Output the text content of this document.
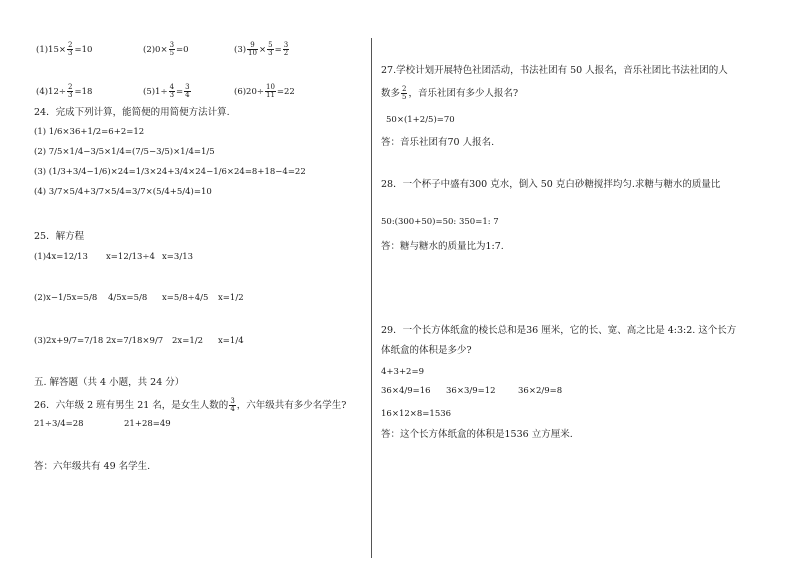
$(1)15\times \frac{2}{3} =10$	$(2)0\times \frac{3}{5} =0$	$(3) \frac{9}{10} \times \frac{5}{3} = \frac{3}{2}$
$(4)12\div \frac{2}{3} =18$	$(5)1\div \frac{4}{3} = \frac{3}{4}$	$(6)20\div \frac{10}{11} =22$
24．完成下列计算，能简便的用简便方法计算.
(1) 1/6×36+1/2=6+2=12
(2) 7/5×1/4−3/5×1/4=(7/5−3/5)×1/4=1/5
(3) (1/3+3/4−1/6)×24=1/3×24+3/4×24−1/6×24=8+18−4=22
(4) 3/7×5/4+3/7×5/4=3/7×(5/4+5/4)=10
25．解方程
(1)4x=12/13 x=12/13÷4 x=3/13
(2)x−1/5x=5/8 4/5x=5/8 x=5/8÷4/5 x=1/2
(3)2x+9/7=7/18 2x=7/18×9/7 2x=1/2 x=1/4
五. 解答题（共 4 小题，共 24 分）
26．六年级 2 班有男生 21 名，是女生人数的 $\frac{3}{4}$ ，六年级共有多少名学生?
21÷3/4=28	21+28=49
答：六年级共有 49 名学生.
27.学校计划开展特色社团活动，书法社团有 50 人报名，音乐社团比书法社团的人
数多 $\frac{2}{5}$ ，音乐社团有多少人报名?
50×(1+2/5)=70
答：音乐社团有70 人报名.
28．一个杯子中盛有300 克水，倒入 50 克白砂糖搅拌均匀.求糖与糖水的质量比
50:(300+50)=50: 350=1: 7
答：糖与糖水的质量比为1:7.
29．一个长方体纸盒的棱长总和是36 厘米，它的长、宽、高之比是 4:3:2. 这个长方
体纸盒的体积是多少?
4+3+2=9
36×4/9=16 36×3/9=12	36×2/9=8
16×12×8=1536
答：这个长方体纸盒的体积是1536 立方厘米.
